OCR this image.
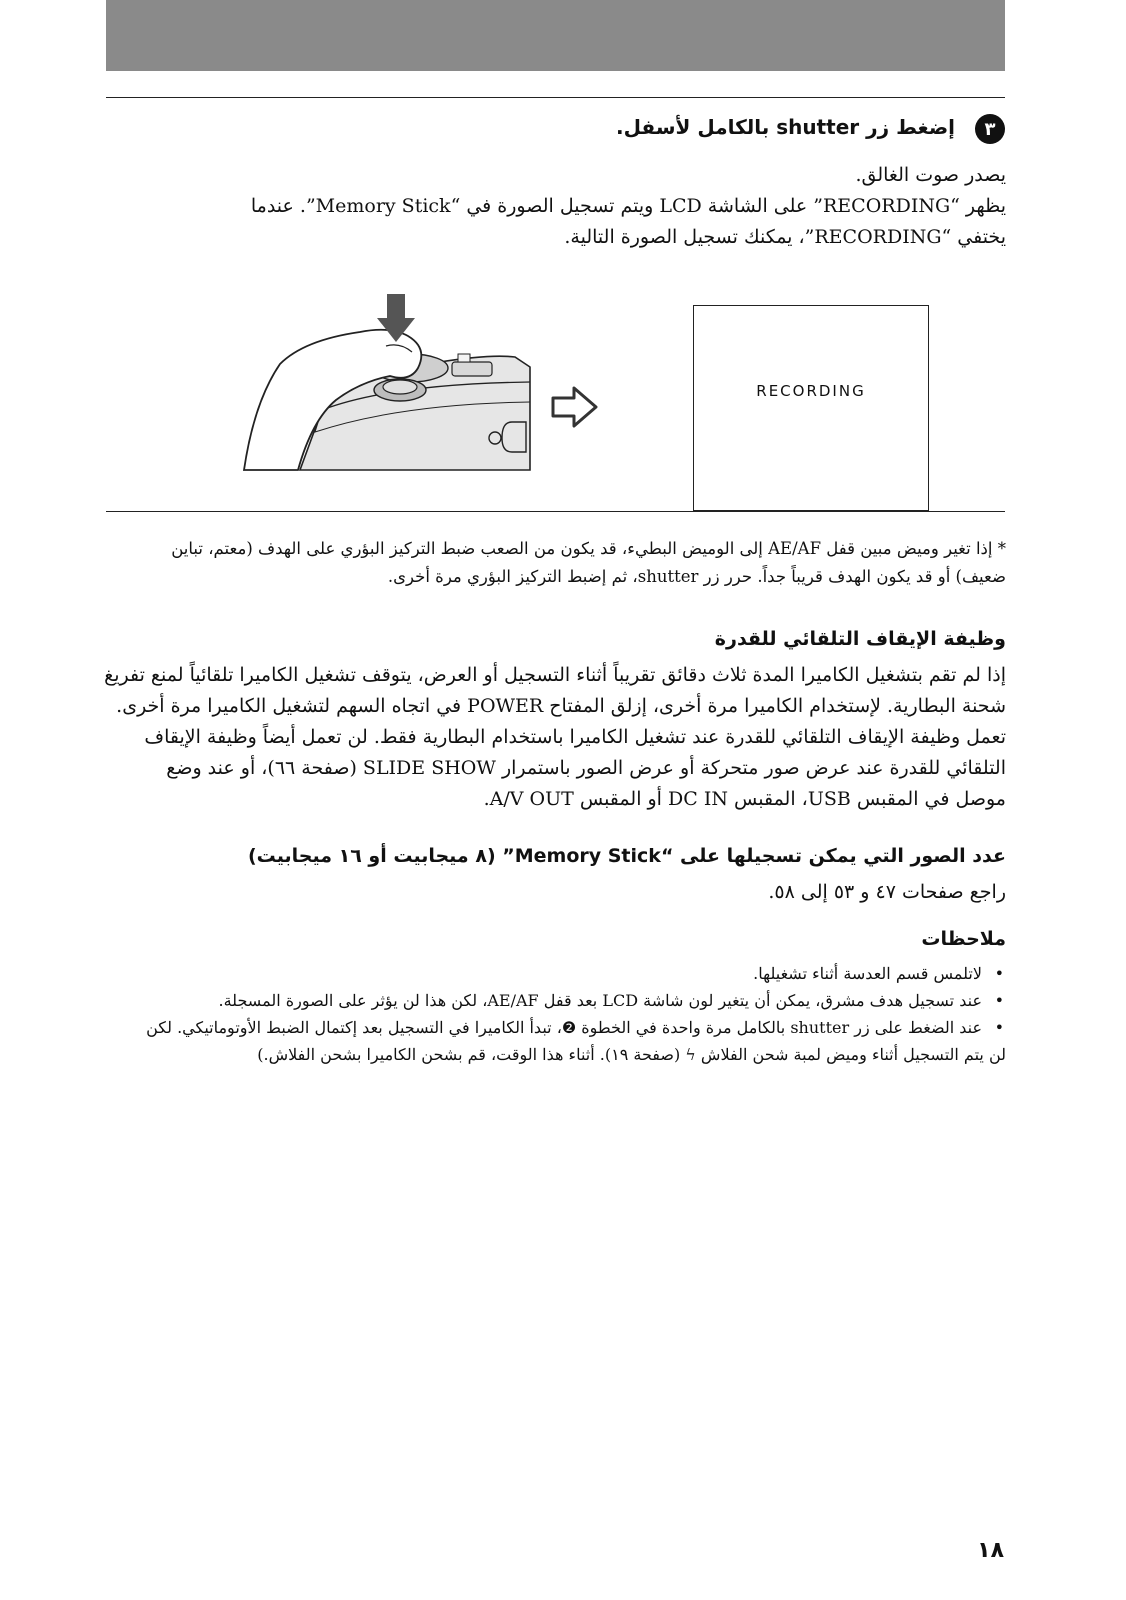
٣
إضغط زر shutter بالكامل لأسفل.

يصدر صوت الغالق.

يظهر “RECORDING” على الشاشة LCD ويتم تسجيل الصورة في “Memory Stick”. عندما

يختفي “RECORDING”، يمكنك تسجيل الصورة التالية.

RECORDING

* إذا تغير وميض مبين قفل AE/AF إلى الوميض البطيء، قد يكون من الصعب ضبط التركيز البؤري على الهدف (معتم، تباين

ضعيف) أو قد يكون الهدف قريباً جداً. حرر زر shutter، ثم إضبط التركيز البؤري مرة أخرى.

وظيفة الإيقاف التلقائي للقدرة

إذا لم تقم بتشغيل الكاميرا المدة ثلاث دقائق تقريباً أثناء التسجيل أو العرض، يتوقف تشغيل الكاميرا تلقائياً لمنع تفريغ

شحنة البطارية. لإستخدام الكاميرا مرة أخرى، إزلق المفتاح POWER في اتجاه السهم لتشغيل الكاميرا مرة أخرى.

تعمل وظيفة الإيقاف التلقائي للقدرة عند تشغيل الكاميرا باستخدام البطارية فقط. لن تعمل أيضاً وظيفة الإيقاف

التلقائي للقدرة عند عرض صور متحركة أو عرض الصور باستمرار SLIDE SHOW (صفحة ٦٦)، أو عند وضع

موصل في المقبس USB، المقبس DC IN أو المقبس A/V OUT.

عدد الصور التي يمكن تسجيلها على “Memory Stick” (٨ ميجابيت أو ١٦ ميجابيت)

راجع صفحات ٤٧ و ٥٣ إلى ٥٨.

ملاحظات
•
لاتلمس قسم العدسة أثناء تشغيلها.
•
عند تسجيل هدف مشرق، يمكن أن يتغير لون شاشة LCD بعد قفل AE/AF، لكن هذا لن يؤثر على الصورة المسجلة.
•
عند الضغط على زر shutter بالكامل مرة واحدة في الخطوة ❷، تبدأ الكاميرا في التسجيل بعد إكتمال الضبط الأوتوماتيكي. لكن
لن يتم التسجيل أثناء وميض لمبة شحن الفلاش ϟ (صفحة ١٩). أثناء هذا الوقت، قم بشحن الكاميرا بشحن الفلاش.)
١٨
